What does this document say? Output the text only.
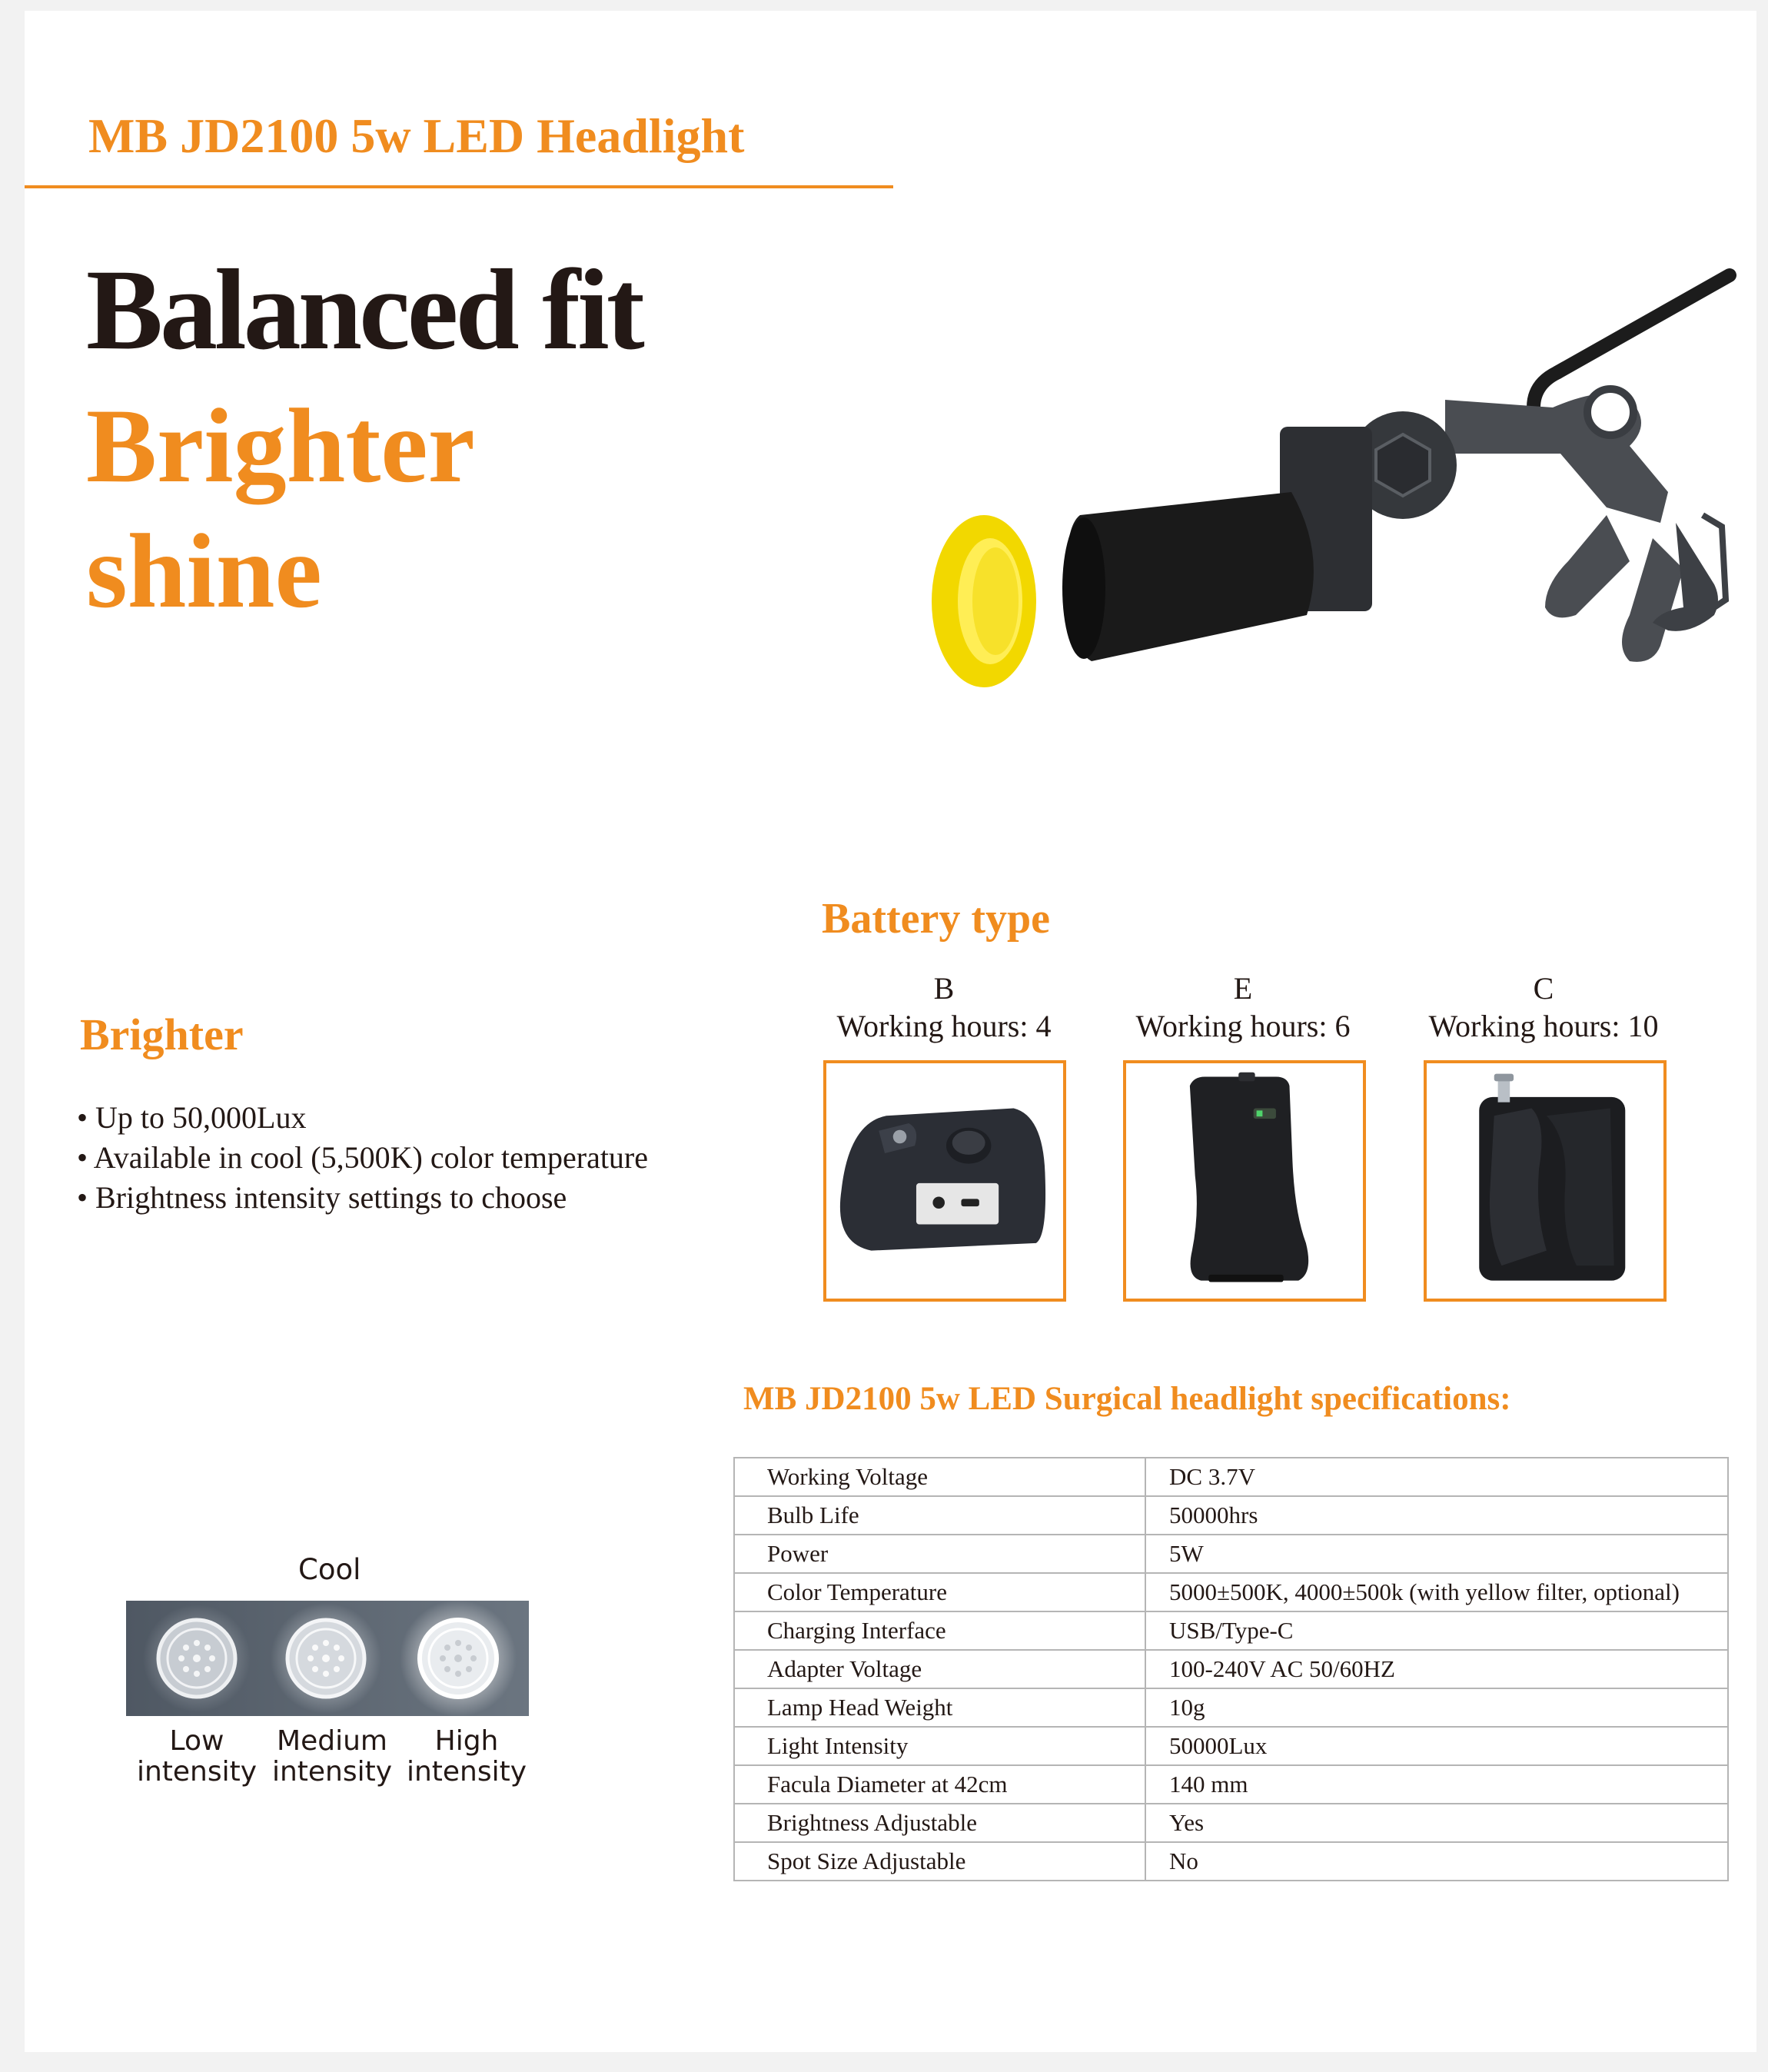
MB JD2100 5w LED Headlight
Balanced fit
Brighter
shine
Brighter
• Up to 50,000Lux
• Available in cool (5,500K) color temperature
• Brightness intensity settings to choose
Battery type
B
Working hours: 4
E
Working hours: 6
C
Working hours: 10
MB JD2100 5w LED Surgical headlight specifications:
Working Voltage	DC 3.7V
Bulb Life	50000hrs
Power	5W
Color Temperature	5000±500K, 4000±500k (with yellow filter, optional)
Charging Interface	USB/Type-C
Adapter Voltage	100-240V AC 50/60HZ
Lamp Head Weight	10g
Light Intensity	50000Lux
Facula Diameter at 42cm	140 mm
Brightness Adjustable	Yes
Spot Size Adjustable	No
Cool
Low
intensity
Medium
intensity
High
intensity
